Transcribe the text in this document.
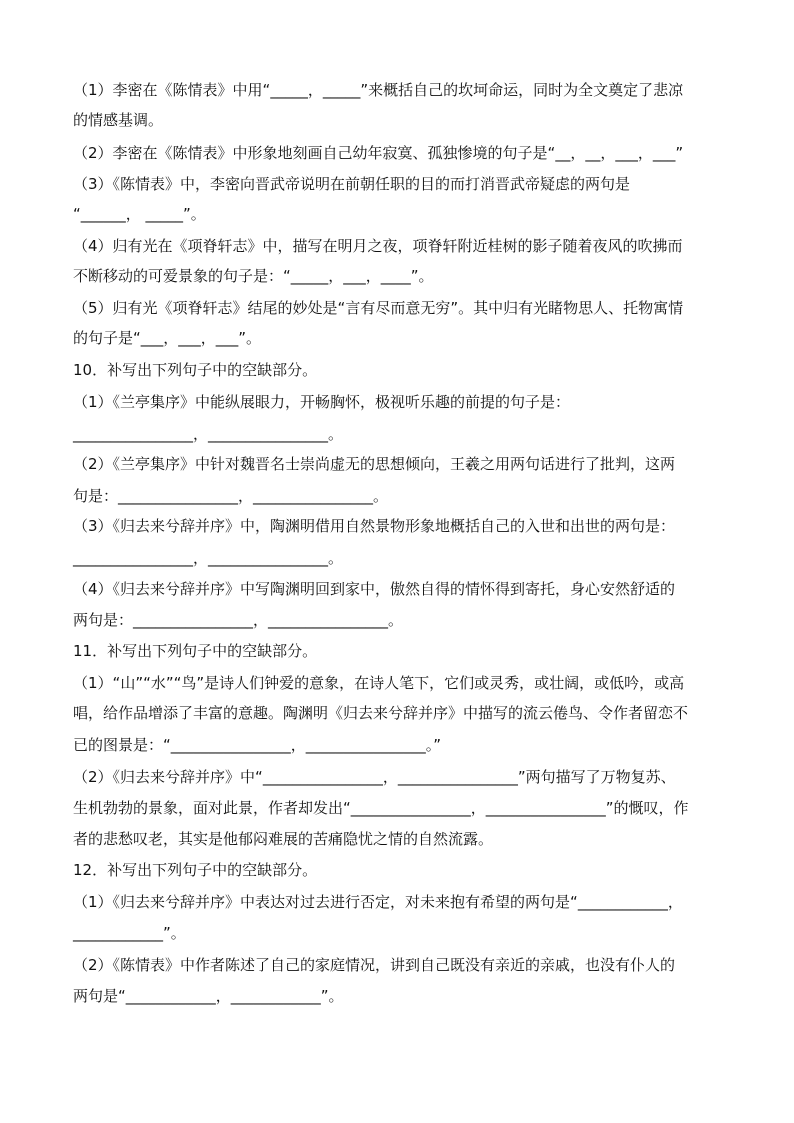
（1）李密在《陈情表》中用“_____，_____”来概括自己的坎坷命运，同时为全文奠定了悲凉
的情感基调。
（2）李密在《陈情表》中形象地刻画自己幼年寂寞、孤独惨境的句子是“__，__，___，___”
（3）《陈情表》中，李密向晋武帝说明在前朝任职的目的而打消晋武帝疑虑的两句是
“______， _____”。
（4）归有光在《项脊轩志》中，描写在明月之夜，项脊轩附近桂树的影子随着夜风的吹拂而
不断移动的可爱景象的句子是：“_____，___，____”。
（5）归有光《项脊轩志》结尾的妙处是“言有尽而意无穷”。其中归有光睹物思人、托物寓情
的句子是“___，___，___”。
10．补写出下列句子中的空缺部分。
（1）《兰亭集序》中能纵展眼力，开畅胸怀，极视听乐趣的前提的句子是：
________________，________________。
（2）《兰亭集序》中针对魏晋名士崇尚虚无的思想倾向，王羲之用两句话进行了批判，这两
句是：________________，________________。
（3）《归去来兮辞并序》中，陶渊明借用自然景物形象地概括自己的入世和出世的两句是：
________________，________________。
（4）《归去来兮辞并序》中写陶渊明回到家中，傲然自得的情怀得到寄托，身心安然舒适的
两句是：________________，________________。
11．补写出下列句子中的空缺部分。
（1）“山”“水”“鸟”是诗人们钟爱的意象，在诗人笔下，它们或灵秀，或壮阔，或低吟，或高
唱，给作品增添了丰富的意趣。陶渊明《归去来兮辞并序》中描写的流云倦鸟、令作者留恋不
已的图景是：“________________，________________。”
（2）《归去来兮辞并序》中“________________，________________”两句描写了万物复苏、
生机勃勃的景象，面对此景，作者却发出“________________，________________”的慨叹，作
者的悲愁叹老，其实是他郁闷难展的苦痛隐忧之情的自然流露。
12．补写出下列句子中的空缺部分。
（1）《归去来兮辞并序》中表达对过去进行否定，对未来抱有希望的两句是“____________，
____________”。
（2）《陈情表》中作者陈述了自己的家庭情况，讲到自己既没有亲近的亲戚，也没有仆人的
两句是“____________，____________”。
